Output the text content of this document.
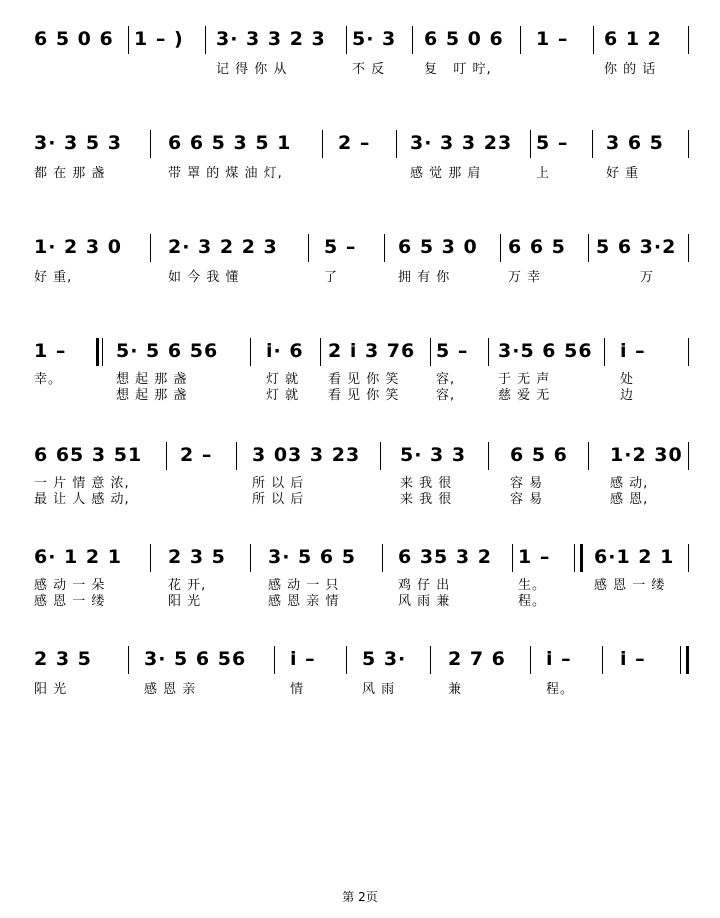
6 5 0 6 1 – ) 3· 3 3 2 3 5· 3 6 5 0 6 1 – 6 1 2
记 得 你 从	不 反	复   叮 咛,	你 的 话
3· 3 5 3 6 6 5 3 5 1 2 – 3· 3 3 23 5 – 3 6 5
都 在 那 盏	带 罩 的 煤 油 灯,	感 觉 那 肩	上	好 重
1· 2 3 0 2· 3 2 2 3 5 – 6 5 3 0 6 6 5 5 6 3·2
好 重,	如 今 我 懂	了	拥 有 你	万 幸	万
1 –	5· 5 6 56	i· 6 2 i 3 76 5 – 3·5 6 56 i –
幸。	想 起 那 盏	灯 就 看 见 你 笑	容,	于 无 声	处
想 起 那 盏	灯 就 看 见 你 笑	容,	慈 爱 无	边
6 65 3 51 2 – 3 03 3 23 5· 3 3 6 5 6 1·2 30
一 片 情 意 浓,	所 以 后	来 我 很	容 易	感 动,
最 让 人 感 动,	所 以 后	来 我 很	容 易	感 恩,
6· 1 2 1 2 3 5 3· 5 6 5 6 35 3 2 1 – 6·1 2 1
感 动 一 朵	花 开,	感 动 一 只	鸡 仔 出	生。	感 恩 一 缕
感 恩 一 缕	阳 光	感 恩 亲 情	风 雨 兼	程。
2 3 5	3· 5 6 56 i – 5 3· 2 7 6 i –	i –
阳 光	感 恩 亲	情	风 雨	兼	程。
第 2页
